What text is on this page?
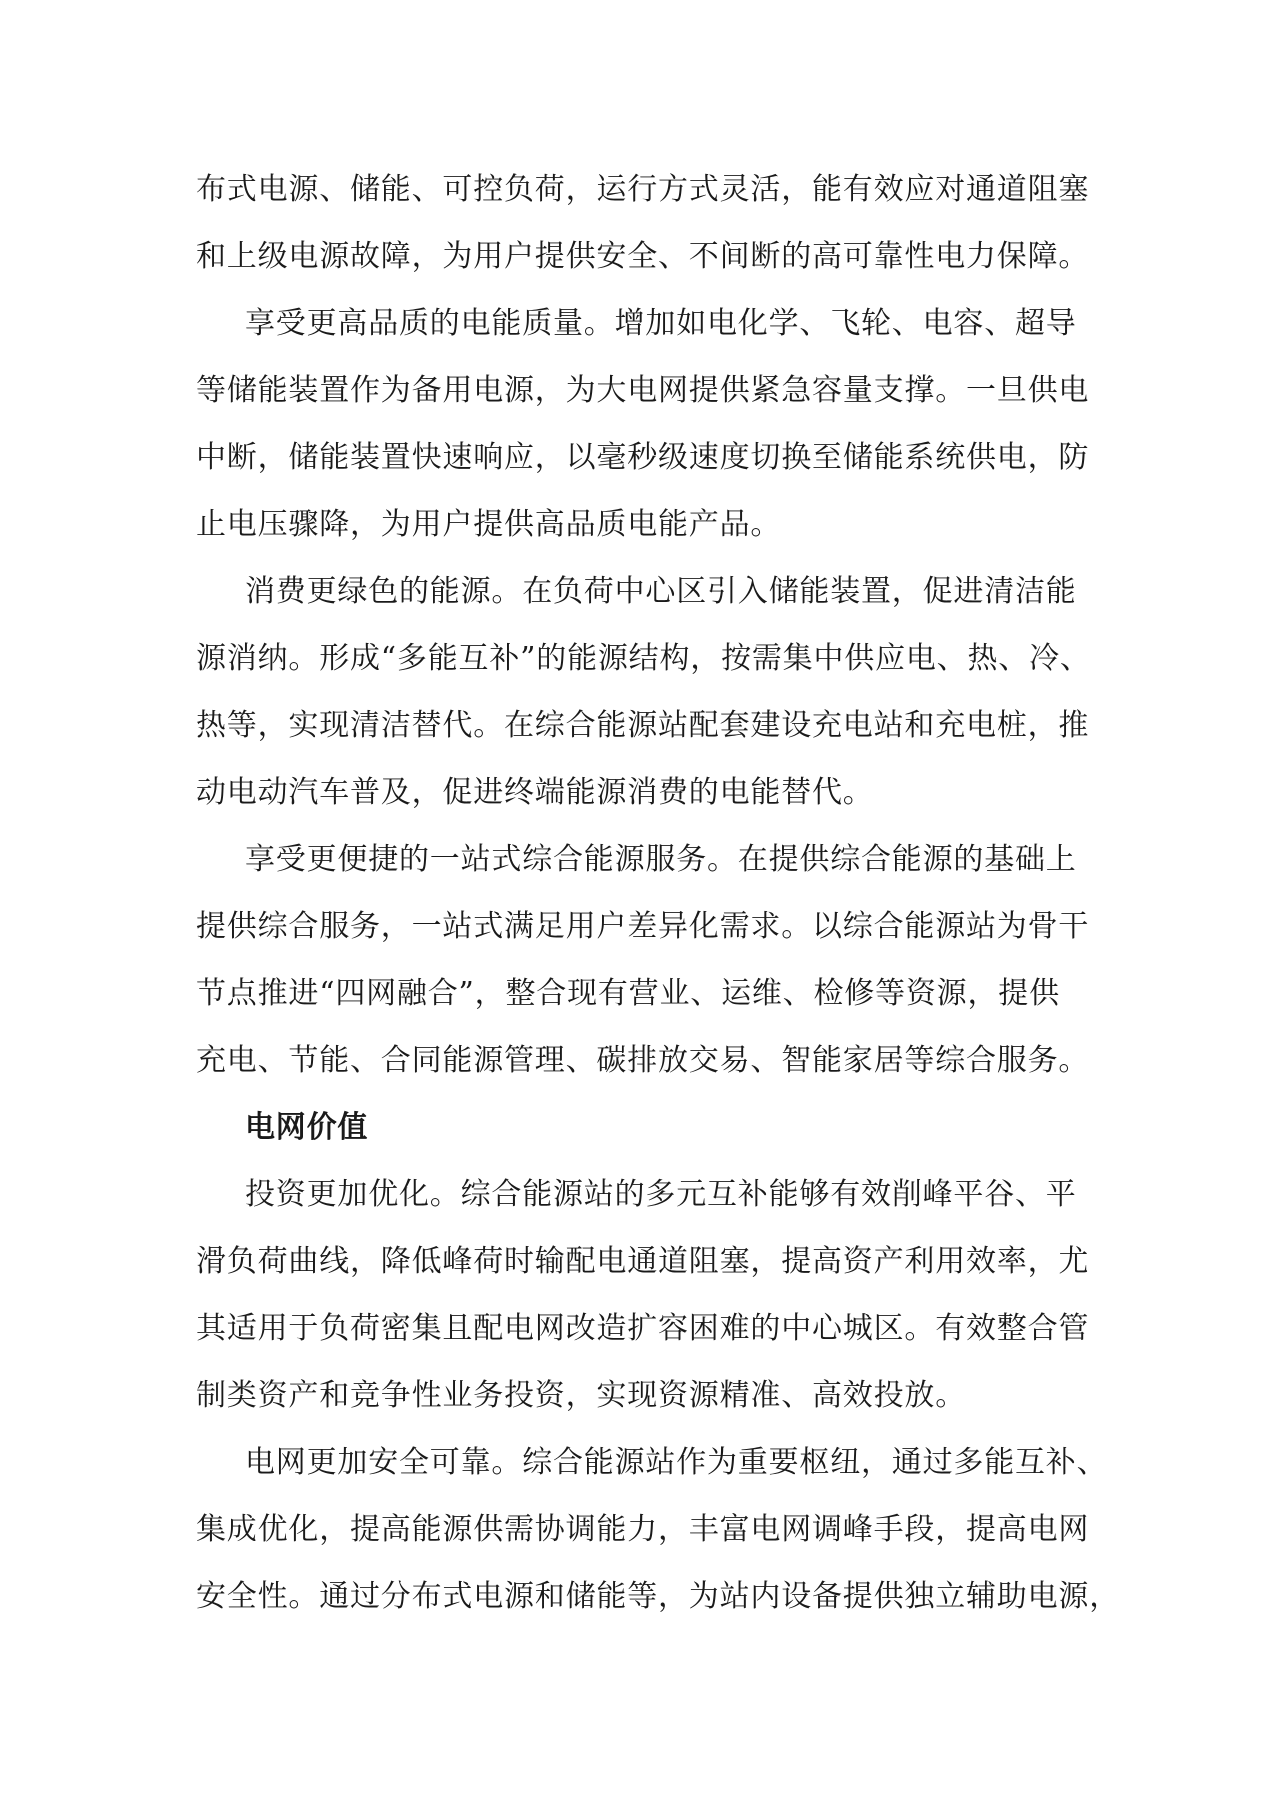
布式电源、储能、可控负荷，运行方式灵活，能有效应对通道阻塞
和上级电源故障，为用户提供安全、不间断的高可靠性电力保障。
享受更高品质的电能质量。增加如电化学、飞轮、电容、超导
等储能装置作为备用电源，为大电网提供紧急容量支撑。一旦供电
中断，储能装置快速响应，以毫秒级速度切换至储能系统供电，防
止电压骤降，为用户提供高品质电能产品。
消费更绿色的能源。在负荷中心区引入储能装置，促进清洁能
源消纳。形成“多能互补”的能源结构，按需集中供应电、热、冷、
热等，实现清洁替代。在综合能源站配套建设充电站和充电桩，推
动电动汽车普及，促进终端能源消费的电能替代。
享受更便捷的一站式综合能源服务。在提供综合能源的基础上
提供综合服务，一站式满足用户差异化需求。以综合能源站为骨干
节点推进“四网融合”，整合现有营业、运维、检修等资源，提供
充电、节能、合同能源管理、碳排放交易、智能家居等综合服务。
电网价值
投资更加优化。综合能源站的多元互补能够有效削峰平谷、平
滑负荷曲线，降低峰荷时输配电通道阻塞，提高资产利用效率，尤
其适用于负荷密集且配电网改造扩容困难的中心城区。有效整合管
制类资产和竞争性业务投资，实现资源精准、高效投放。
电网更加安全可靠。综合能源站作为重要枢纽，通过多能互补、
集成优化，提高能源供需协调能力，丰富电网调峰手段，提高电网
安全性。通过分布式电源和储能等，为站内设备提供独立辅助电源，
